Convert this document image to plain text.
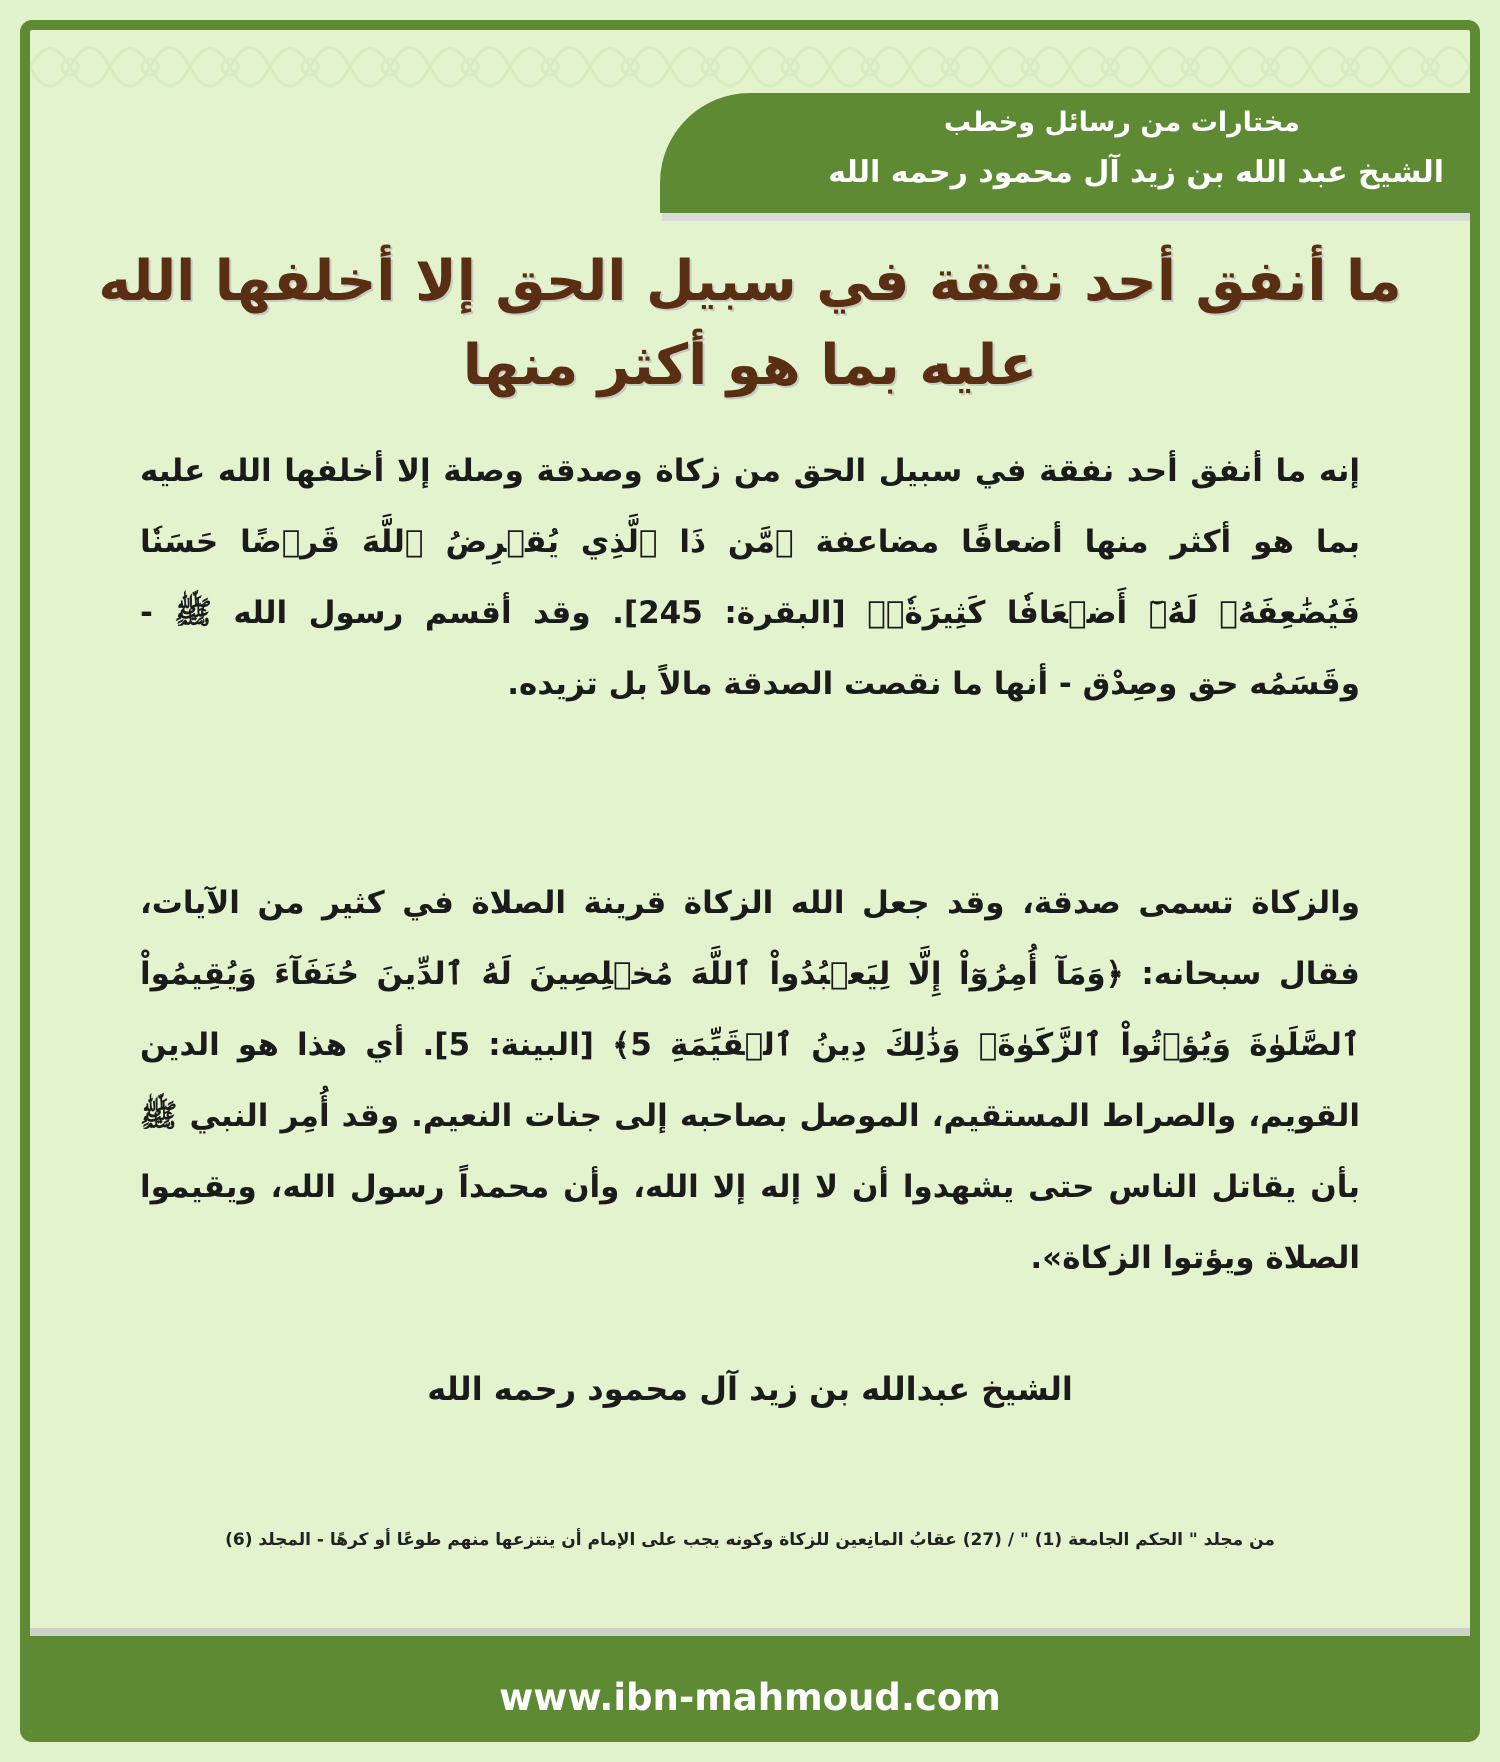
مختارات من رسائل وخطب
الشيخ عبد الله بن زيد آل محمود رحمه الله
ما أنفق أحد نفقة في سبيل الحق إلا أخلفها الله
عليه بما هو أكثر منها
إنه ما أنفق أحد نفقة في سبيل الحق من زكاة وصدقة وصلة إلا أخلفها الله عليه بما هو أكثر منها أضعافًا مضاعفة ﴿مَّن ذَا ٱلَّذِي يُقۡرِضُ ٱللَّهَ قَرۡضًا حَسَنٗا فَيُضَٰعِفَهُۥ لَهُۥٓ أَضۡعَافٗا كَثِيرَةٗۚ﴾ [البقرة: 245]. وقد أقسم رسول الله ﷺ - وقَسَمُه حق وصِدْق - أنها ما نقصت الصدقة مالاً بل تزيده.
والزكاة تسمى صدقة، وقد جعل الله الزكاة قرينة الصلاة في كثير من الآيات، فقال سبحانه: ﴿وَمَآ أُمِرُوٓاْ إِلَّا لِيَعۡبُدُواْ ٱللَّهَ مُخۡلِصِينَ لَهُ ٱلدِّينَ حُنَفَآءَ وَيُقِيمُواْ ٱلصَّلَوٰةَ وَيُؤۡتُواْ ٱلزَّكَوٰةَۚ وَذَٰلِكَ دِينُ ٱلۡقَيِّمَةِ 5﴾ [البينة: 5]. أي هذا هو الدين القويم، والصراط المستقيم، الموصل بصاحبه إلى جنات النعيم. وقد أُمِر النبي ﷺ بأن يقاتل الناس حتى يشهدوا أن لا إله إلا الله، وأن محمداً رسول الله، ويقيموا الصلاة ويؤتوا الزكاة».
الشيخ عبدالله بن زيد آل محمود رحمه الله
من مجلد " الحكم الجامعة (1) " / (27) عقابُ المانِعين للزكاة وكونه يجب على الإمام أن ينتزعها منهم طوعًا أو كرهًا - المجلد (6)
www.ibn-mahmoud.com
